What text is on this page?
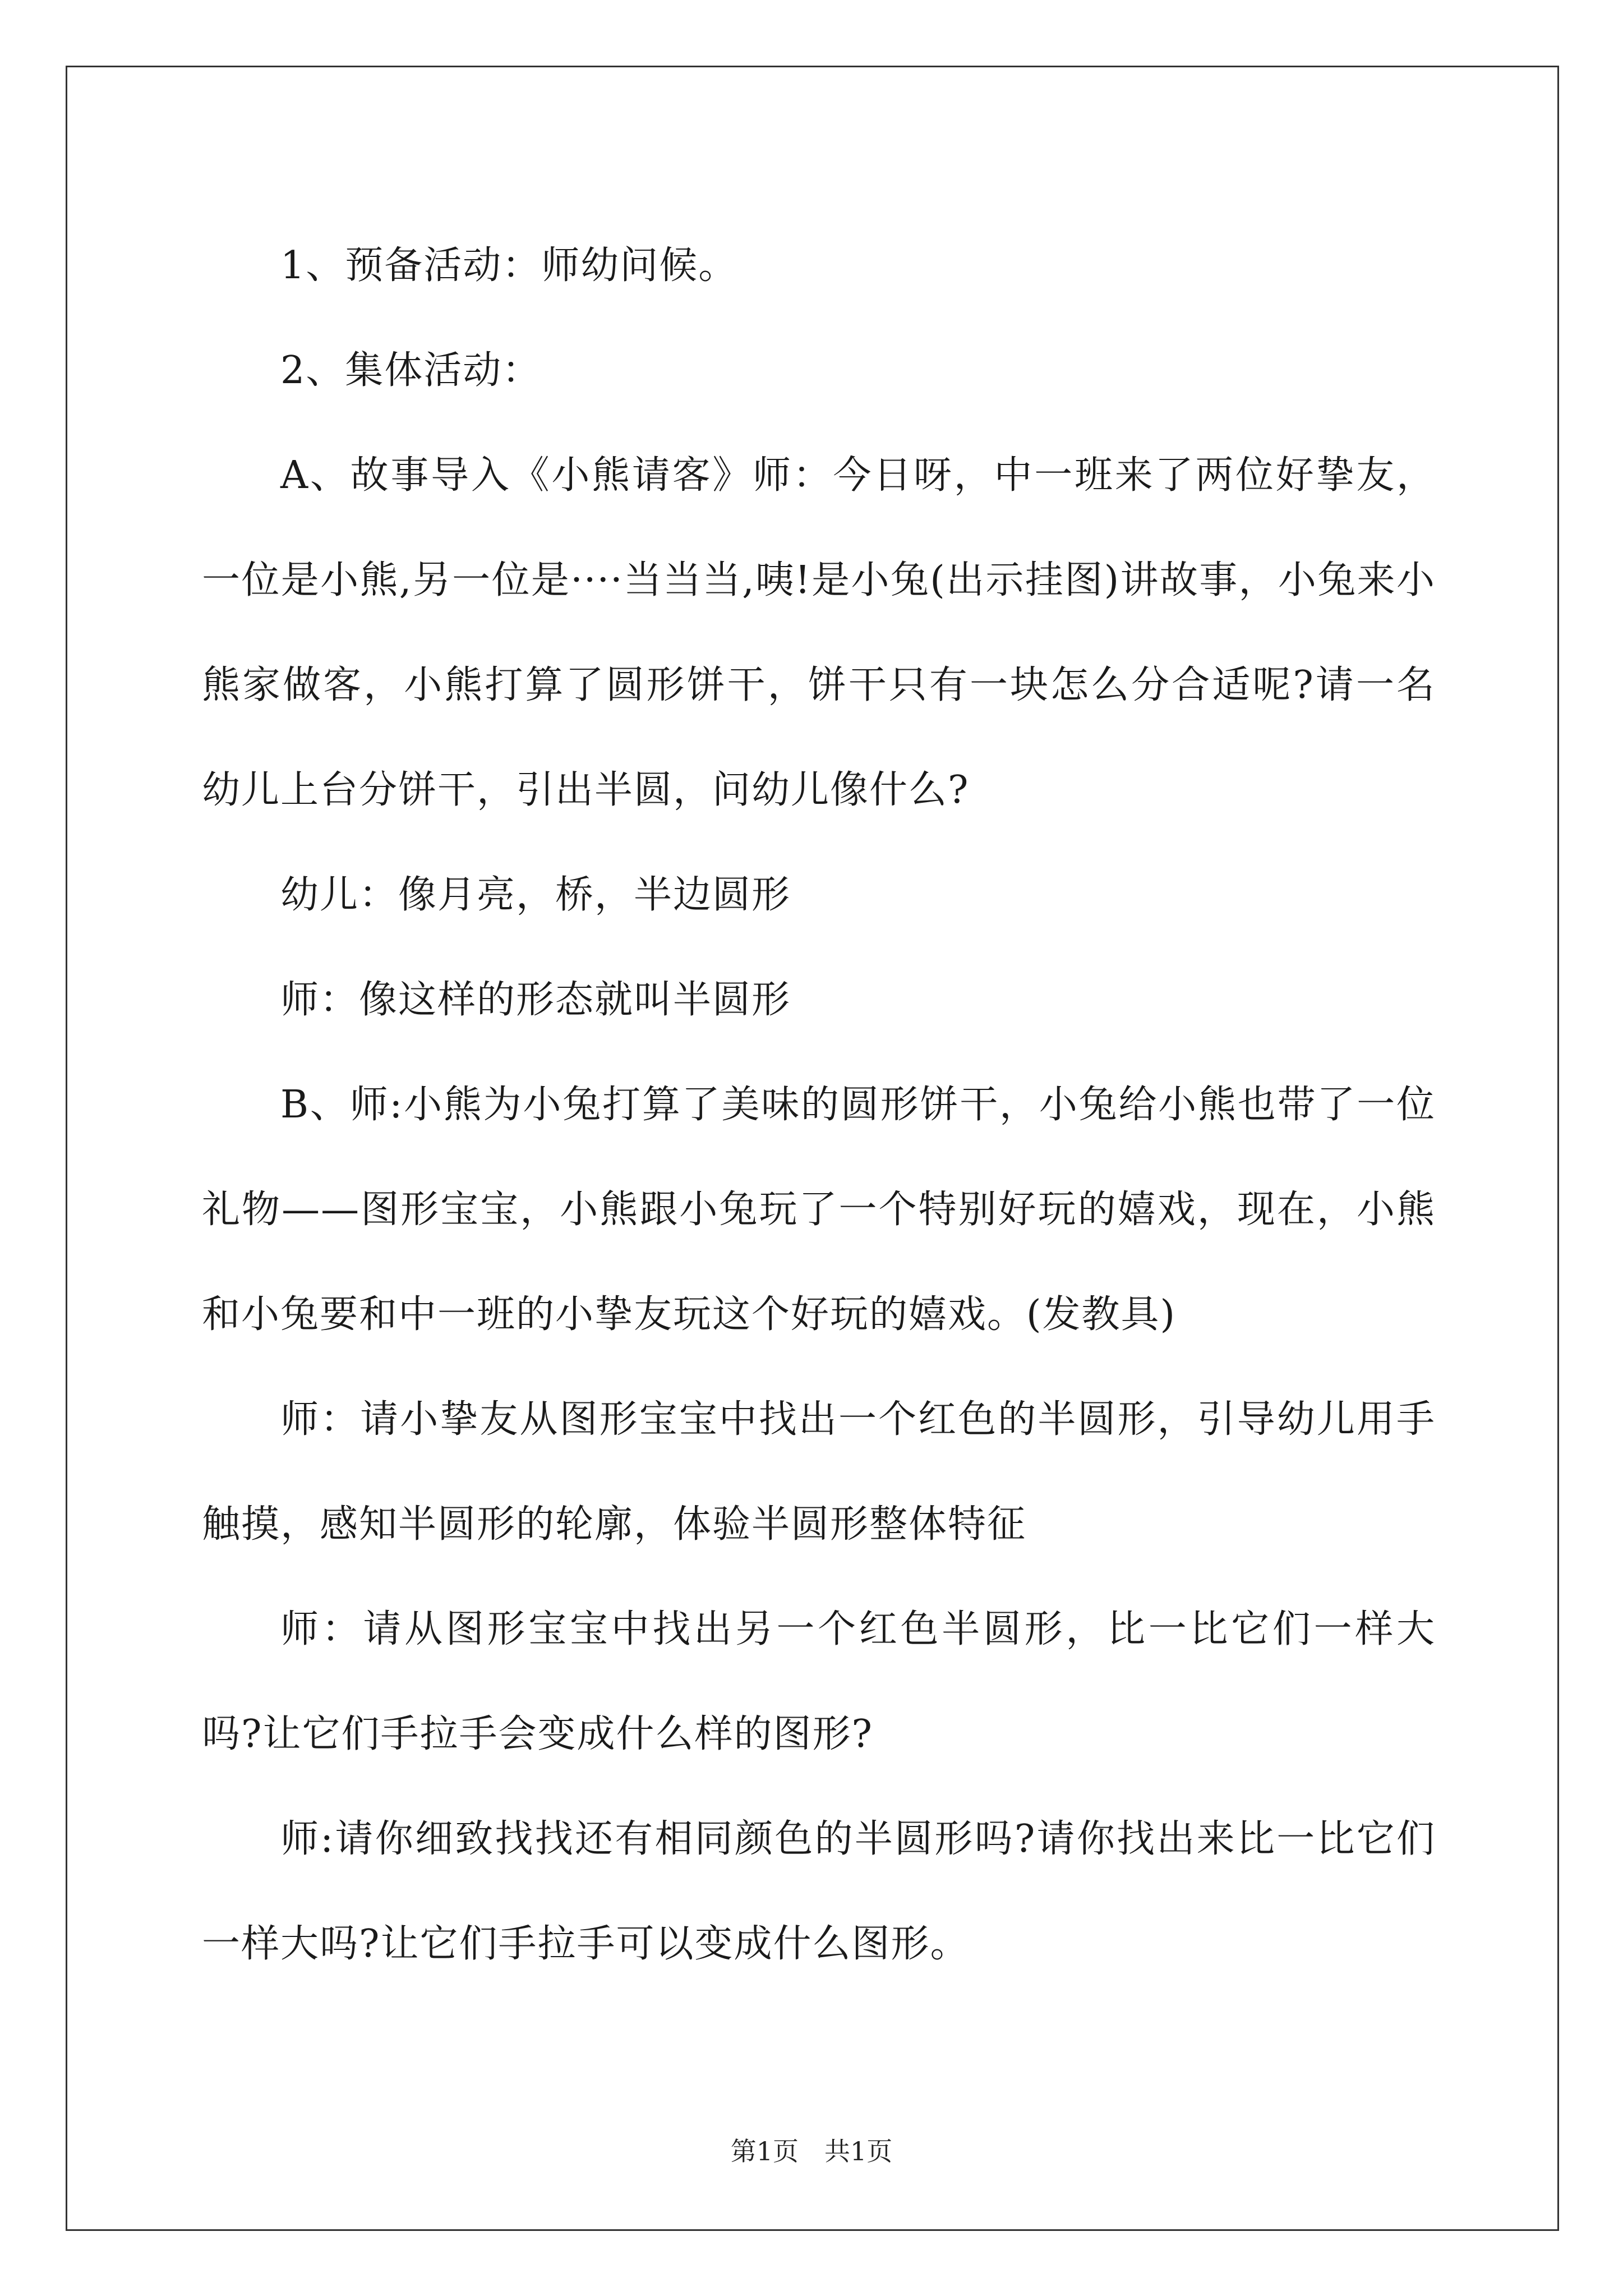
1、预备活动：师幼问候。

2、集体活动：

A、故事导入《小熊请客》师：今日呀，中一班来了两位好挚友，一位是小熊,另一位是····当当当,咦!是小兔(出示挂图)讲故事，小兔来小熊家做客，小熊打算了圆形饼干，饼干只有一块怎么分合适呢?请一名幼儿上台分饼干，引出半圆，问幼儿像什么?

幼儿：像月亮，桥，半边圆形

师：像这样的形态就叫半圆形

B、师:小熊为小兔打算了美味的圆形饼干，小兔给小熊也带了一位礼物——图形宝宝，小熊跟小兔玩了一个特别好玩的嬉戏，现在，小熊和小兔要和中一班的小挚友玩这个好玩的嬉戏。(发教具)

师：请小挚友从图形宝宝中找出一个红色的半圆形，引导幼儿用手触摸，感知半圆形的轮廓，体验半圆形整体特征

师：请从图形宝宝中找出另一个红色半圆形，比一比它们一样大吗?让它们手拉手会变成什么样的图形?

师:请你细致找找还有相同颜色的半圆形吗?请你找出来比一比它们一样大吗?让它们手拉手可以变成什么图形。

第1页　共1页
